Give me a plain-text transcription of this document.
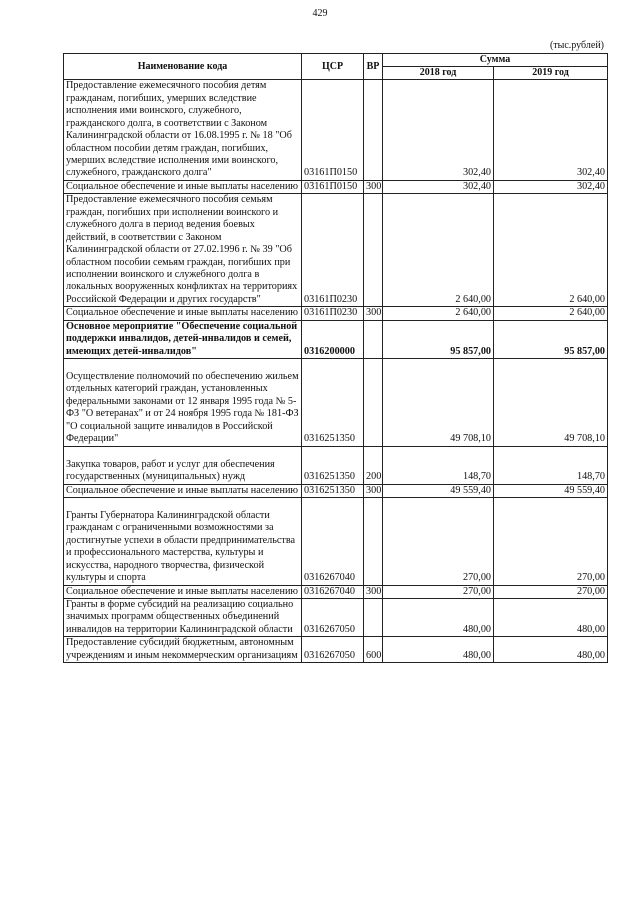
429
(тыс.рублей)
Наименование кода	ЦСР	ВР	Сумма	
			2018 год	2019 год
Предоставление ежемесячного пособия детям гражданам, погибших, умерших вследствие исполнения ими воинского, служебного, гражданского долга, в соответствии с Законом Калининградской области от 16.08.1995 г. № 18 "Об областном пособии детям граждан, погибших, умерших вследствие исполнения ими воинского, служебного, гражданского долга"	03161П0150		302,40	302,40
Социальное обеспечение и иные выплаты населению	03161П0150	300	302,40	302,40
Предоставление ежемесячного пособия семьям граждан, погибших при исполнении воинского и служебного долга в период ведения боевых действий, в соответствии с Законом Калининградской области от 27.02.1996 г. № 39 "Об областном пособии семьям граждан, погибших при исполнении воинского и служебного долга в локальных вооруженных конфликтах на территориях Российской Федерации и других государств"	03161П0230		2 640,00	2 640,00
Социальное обеспечение и иные выплаты населению	03161П0230	300	2 640,00	2 640,00
Основное мероприятие "Обеспечение социальной поддержки инвалидов, детей-инвалидов и семей, имеющих детей-инвалидов"	0316200000		95 857,00	95 857,00
Осуществление полномочий по обеспечению жильем отдельных категорий граждан, установленных федеральными законами от 12 января 1995 года № 5-ФЗ "О ветеранах" и от 24 ноября 1995 года № 181-ФЗ "О социальной защите инвалидов в Российской Федерации"	0316251350		49 708,10	49 708,10
Закупка товаров, работ и услуг для обеспечения государственных (муниципальных) нужд	0316251350	200	148,70	148,70
Социальное обеспечение и иные выплаты населению	0316251350	300	49 559,40	49 559,40
Гранты Губернатора Калининградской области гражданам с ограниченными возможностями за достигнутые успехи в области предпринимательства и профессионального мастерства, культуры и искусства, народного творчества, физической культуры и спорта	0316267040		270,00	270,00
Социальное обеспечение и иные выплаты населению	0316267040	300	270,00	270,00
Гранты в форме субсидий на реализацию социально значимых программ общественных объединений инвалидов на территории Калининградской области	0316267050		480,00	480,00
Предоставление субсидий бюджетным, автономным учреждениям и иным некоммерческим организациям	0316267050	600	480,00	480,00
